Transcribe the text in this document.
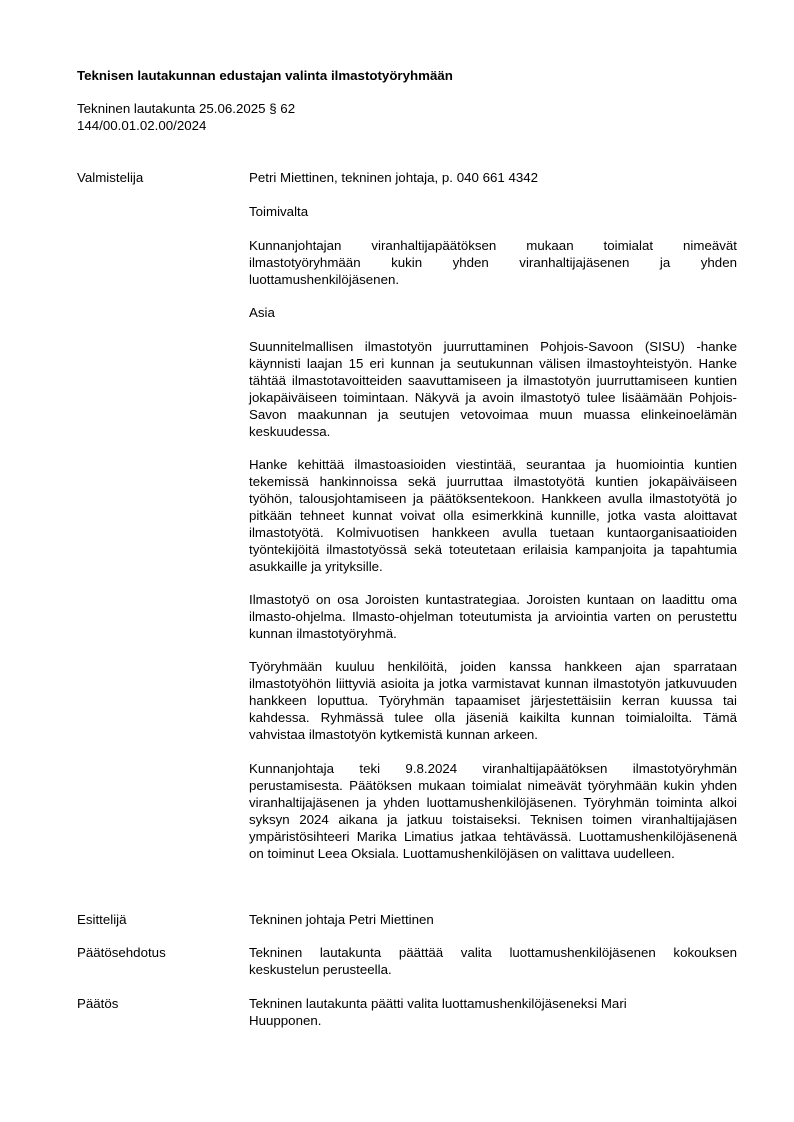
Teknisen lautakunnan edustajan valinta ilmastotyöryhmään
Tekninen lautakunta 25.06.2025 § 62
144/00.01.02.00/2024
Valmistelija	Petri Miettinen, tekninen johtaja, p. 040 661 4342
Toimivalta

Kunnanjohtajan viranhaltijapäätöksen mukaan toimialat nimeävät ilmastotyöryhmään kukin yhden viranhaltijajäsenen ja yhden luottamushenkilöjäsenen.

Asia

Suunnitelmallisen ilmastotyön juurruttaminen Pohjois-Savoon (SISU) -hanke käynnisti laajan 15 eri kunnan ja seutukunnan välisen ilmastoyhteistyön. Hanke tähtää ilmastotavoitteiden saavuttamiseen ja ilmastotyön juurruttamiseen kuntien jokapäiväiseen toimintaan. Näkyvä ja avoin ilmastotyö tulee lisäämään Pohjois-Savon maakunnan ja seutujen vetovoimaa muun muassa elinkeinoelämän keskuudessa.

Hanke kehittää ilmastoasioiden viestintää, seurantaa ja huomiointia kuntien tekemissä hankinnoissa sekä juurruttaa ilmastotyötä kuntien jokapäiväiseen työhön, talousjohtamiseen ja päätöksentekoon. Hankkeen avulla ilmastotyötä jo pitkään tehneet kunnat voivat olla esimerkkinä kunnille, jotka vasta aloittavat ilmastotyötä. Kolmivuotisen hankkeen avulla tuetaan kuntaorganisaatioiden työntekijöitä ilmastotyössä sekä toteutetaan erilaisia kampanjoita ja tapahtumia asukkaille ja yrityksille.

Ilmastotyö on osa Joroisten kuntastrategiaa. Joroisten kuntaan on laadittu oma ilmasto-ohjelma. Ilmasto-ohjelman toteutumista ja arviointia varten on perustettu kunnan ilmastotyöryhmä.

Työryhmään kuuluu henkilöitä, joiden kanssa hankkeen ajan sparrataan ilmastotyöhön liittyviä asioita ja jotka varmistavat kunnan ilmastotyön jatkuvuuden hankkeen loputtua. Työryhmän tapaamiset järjestettäisiin kerran kuussa tai kahdessa. Ryhmässä tulee olla jäseniä kaikilta kunnan toimialoilta. Tämä vahvistaa ilmastotyön kytkemistä kunnan arkeen.

Kunnanjohtaja teki 9.8.2024 viranhaltijapäätöksen ilmastotyöryhmän perustamisesta. Päätöksen mukaan toimialat nimeävät työryhmään kukin yhden viranhaltijajäsenen ja yhden luottamushenkilöjäsenen. Työryhmän toiminta alkoi syksyn 2024 aikana ja jatkuu toistaiseksi. Teknisen toimen viranhaltijajäsen ympäristösihteeri Marika Limatius jatkaa tehtävässä. Luottamushenkilöjäsenenä on toiminut Leea Oksiala. Luottamushenkilöjäsen on valittava uudelleen.

Esittelijä	Tekninen johtaja Petri Miettinen
Päätösehdotus	Tekninen lautakunta päättää valita luottamushenkilöjäsenen kokouksen keskustelun perusteella.

Päätös	Tekninen lautakunta päätti valita luottamushenkilöjäseneksi Mari
Huupponen.
